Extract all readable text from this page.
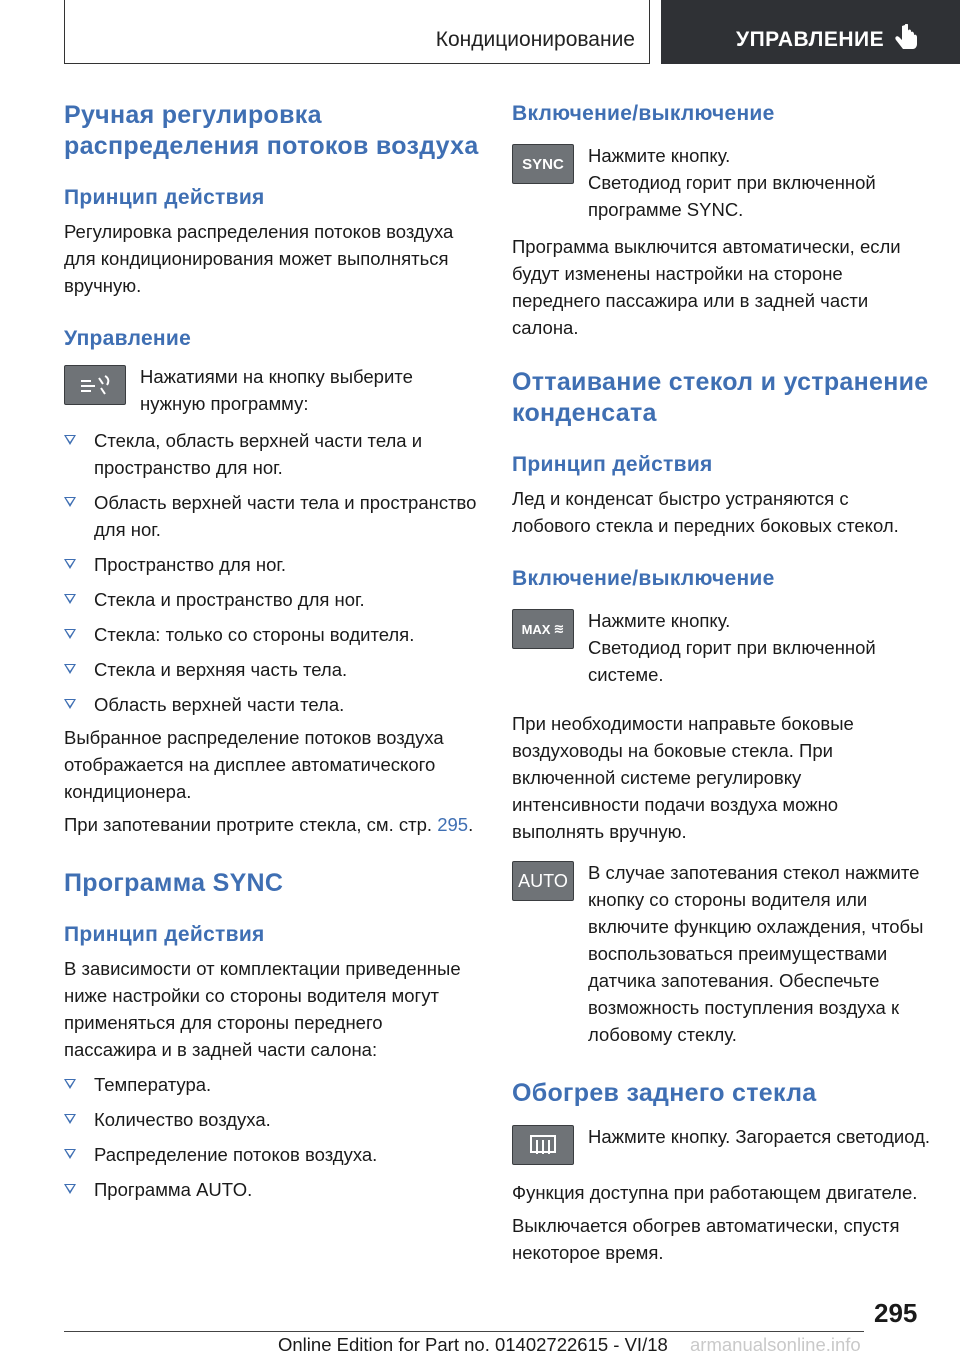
Кондиционирование	УПРАВЛЕНИЕ
Ручная регулировка распределения потоков воздуха
Принцип действия

Регулировка распределения потоков воздуха для кондиционирования может выполняться вручную.

Управление

Нажатиями на кнопку выберите нужную программу:

Стекла, область верхней части тела и пространство для ног.
Область верхней части тела и пространство для ног.
Пространство для ног.
Стекла и пространство для ног.
Стекла: только со стороны водителя.
Стекла и верхняя часть тела.
Область верхней части тела.

Выбранное распределение потоков воздуха отображается на дисплее автоматического кондиционера.

При запотевании протрите стекла, см. стр. 295.

Программа SYNC
Принцип действия

В зависимости от комплектации приведенные ниже настройки со стороны водителя могут применяться для стороны переднего пассажира и в задней части салона:

Температура.
Количество воздуха.
Распределение потоков воздуха.
Программа AUTO.
Включение/выключение
SYNC Нажмите кнопку.

Светодиод горит при включенной программе SYNC.

Программа выключится автоматически, если будут изменены настройки на стороне переднего пассажира или в задней части салона.

Оттаивание стекол и устранение конденсата
Принцип действия

Лед и конденсат быстро устраняются с лобового стекла и передних боковых стекол.

Включение/выключение
MAX ≋ Нажмите кнопку.

Светодиод горит при включенной системе.

При необходимости направьте боковые воздуховоды на боковые стекла. При включенной системе регулировку интенсивности подачи воздуха можно выполнять вручную.

AUTO В случае запотевания стекол нажмите кнопку со стороны водителя или включите функцию охлаждения, чтобы воспользоваться преимуществами датчика запотевания. Обеспечьте возможность поступления воздуха к лобовому стеклу.

Обогрев заднего стекла

Нажмите кнопку. Загорается светодиод.

Функция доступна при работающем двигателе.

Выключается обогрев автоматически, спустя некоторое время.

295
Online Edition for Part no. 01402722615 - VI/18 armanualsonline.info
